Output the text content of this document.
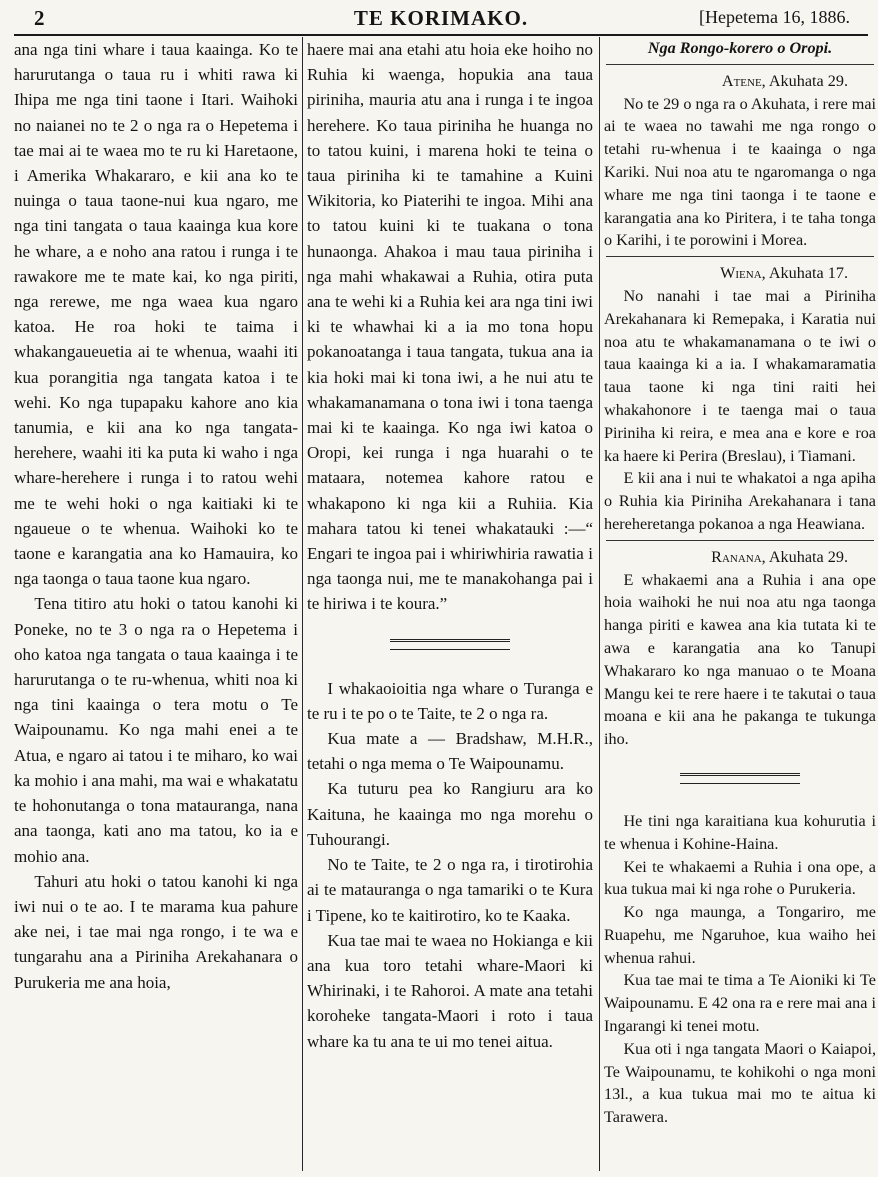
2	TE KORIMAKO.	[Hepetema 16, 1886.

ana nga tini whare i taua kaainga. Ko te harurutanga o taua ru i whiti rawa ki Ihipa me nga tini taone i Itari. Waihoki no naianei no te 2 o nga ra o Hepetema i tae mai ai te waea mo te ru ki Haretaone, i Amerika Whakararo, e kii ana ko te nuinga o taua taone-nui kua ngaro, me nga tini tangata o taua kaainga kua kore he whare, a e noho ana ratou i runga i te rawakore me te mate kai, ko nga piriti, nga rerewe, me nga waea kua ngaro katoa. He roa hoki te taima i whakangaueuetia ai te whenua, waahi iti kua porangitia nga tangata katoa i te wehi. Ko nga tupapaku kahore ano kia tanumia, e kii ana ko nga tangata-herehere, waahi iti ka puta ki waho i nga whare-herehere i runga i to ratou wehi me te wehi hoki o nga kaitiaki ki te ngaueue o te whenua. Waihoki ko te taone e karangatia ana ko Hamauira, ko nga taonga o taua taone kua ngaro.

Tena titiro atu hoki o tatou kanohi ki Poneke, no te 3 o nga ra o Hepetema i oho katoa nga tangata o taua kaainga i te harurutanga o te ru-whenua, whiti noa ki nga tini kaainga o tera motu o Te Waipounamu. Ko nga mahi enei a te Atua, e ngaro ai tatou i te miharo, ko wai ka mohio i ana mahi, ma wai e whakatatu te hohonutanga o tona matauranga, nana ana taonga, kati ano ma tatou, ko ia e mohio ana.

Tahuri atu hoki o tatou kanohi ki nga iwi nui o te ao. I te marama kua pahure ake nei, i tae mai nga rongo, i te wa e tungarahu ana a Piriniha Arekahanara o Purukeria me ana hoia,

haere mai ana etahi atu hoia eke hoiho no Ruhia ki waenga, hopukia ana taua piriniha, mauria atu ana i runga i te ingoa herehere. Ko taua piriniha he huanga no to tatou kuini, i marena hoki te teina o taua piriniha ki te tamahine a Kuini Wikitoria, ko Piaterihi te ingoa. Mihi ana to tatou kuini ki te tuakana o tona hunaonga. Ahakoa i mau taua piriniha i nga mahi whakawai a Ruhia, otira puta ana te wehi ki a Ruhia kei ara nga tini iwi ki te whawhai ki a ia mo tona hopu pokanoatanga i taua tangata, tukua ana ia kia hoki mai ki tona iwi, a he nui atu te whakamanamana o tona iwi i tona taenga mai ki te kaainga. Ko nga iwi katoa o Oropi, kei runga i nga huarahi o te mataara, notemea kahore ratou e whakapono ki nga kii a Ruhiia. Kia mahara tatou ki tenei whakatauki :—“ Engari te ingoa pai i whiriwhiria rawatia i nga taonga nui, me te manakohanga pai i te hiriwa i te koura.”

I whakaoioitia nga whare o Turanga e te ru i te po o te Taite, te 2 o nga ra.

Kua mate a — Bradshaw, M.H.R., tetahi o nga mema o Te Waipounamu.

Ka tuturu pea ko Rangiuru ara ko Kaituna, he kaainga mo nga morehu o Tuhourangi.

No te Taite, te 2 o nga ra, i tirotirohia ai te matauranga o nga tamariki o te Kura i Tipene, ko te kaitirotiro, ko te Kaaka.

Kua tae mai te waea no Hokianga e kii ana kua toro tetahi whare-Maori ki Whirinaki, i te Rahoroi. A mate ana tetahi koroheke tangata-Maori i roto i taua whare ka tu ana te ui mo tenei aitua.

Nga Rongo-korero o Oropi.

Atene, Akuhata 29.

No te 29 o nga ra o Akuhata, i rere mai ai te waea no tawahi me nga rongo o tetahi ru-whenua i te kaainga o nga Kariki. Nui noa atu te ngaromanga o nga whare me nga tini taonga i te taone e karangatia ana ko Piritera, i te taha tonga o Karihi, i te porowini i Morea.

Wiena, Akuhata 17.

No nanahi i tae mai a Piriniha Arekahanara ki Remepaka, i Karatia nui noa atu te whakamanamana o te iwi o taua kaainga ki a ia. I whakamaramatia taua taone ki nga tini raiti hei whakahonore i te taenga mai o taua Piriniha ki reira, e mea ana e kore e roa ka haere ki Perira (Breslau), i Tiamani.

E kii ana i nui te whakatoi a nga apiha o Ruhia kia Piriniha Arekahanara i tana hereheretanga pokanoa a nga Heawiana.

Ranana, Akuhata 29.

E whakaemi ana a Ruhia i ana ope hoia waihoki he nui noa atu nga taonga hanga piriti e kawea ana kia tutata ki te awa e karangatia ana ko Tanupi Whakararo ko nga manuao o te Moana Mangu kei te rere haere i te takutai o taua moana e kii ana he pakanga te tukunga iho.

He tini nga karaitiana kua kohurutia i te whenua i Kohine-Haina.

Kei te whakaemi a Ruhia i ona ope, a kua tukua mai ki nga rohe o Purukeria.

Ko nga maunga, a Tongariro, me Ruapehu, me Ngaruhoe, kua waiho hei whenua rahui.

Kua tae mai te tima a Te Aioniki ki Te Waipounamu. E 42 ona ra e rere mai ana i Ingarangi ki tenei motu.

Kua oti i nga tangata Maori o Kaiapoi, Te Waipounamu, te kohikohi o nga moni 13l., a kua tukua mai mo te aitua ki Tarawera.
